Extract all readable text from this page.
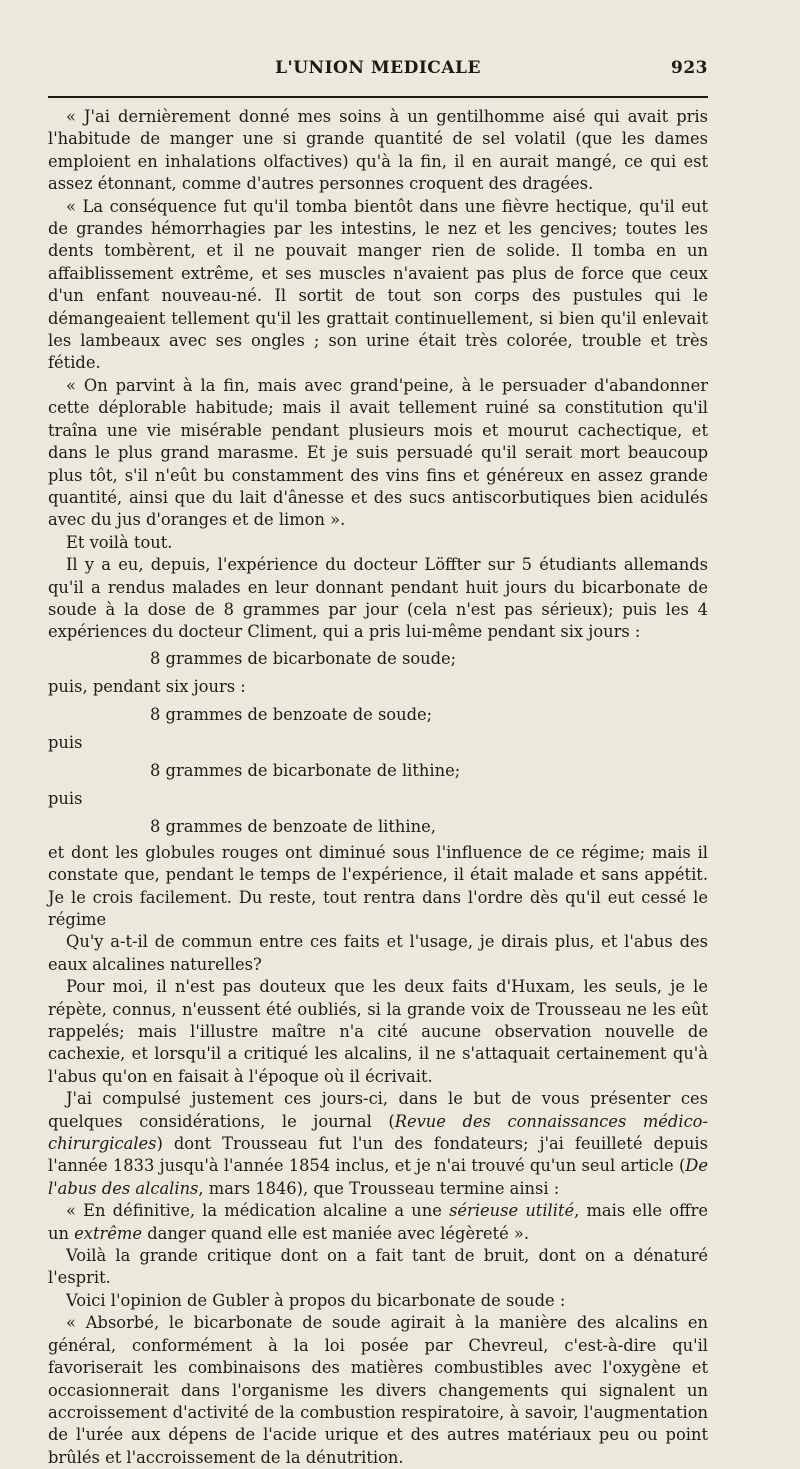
L'UNION MEDICALE	923

« J'ai dernièrement donné mes soins à un gentilhomme aisé qui avait pris l'habitude de manger une si grande quantité de sel volatil (que les dames emploient en inhalations olfactives) qu'à la fin, il en aurait mangé, ce qui est assez étonnant, comme d'autres personnes croquent des dragées.

« La conséquence fut qu'il tomba bientôt dans une fièvre hectique, qu'il eut de grandes hémorrhagies par les intestins, le nez et les gencives; toutes les dents tombèrent, et il ne pouvait manger rien de solide. Il tomba en un affaiblissement extrême, et ses muscles n'avaient pas plus de force que ceux d'un enfant nouveau-né. Il sortit de tout son corps des pustules qui le démangeaient tellement qu'il les grattait continuellement, si bien qu'il enlevait les lambeaux avec ses ongles ; son urine était très colorée, trouble et très fétide.

« On parvint à la fin, mais avec grand'peine, à le persuader d'abandonner cette déplorable habitude; mais il avait tellement ruiné sa constitution qu'il traîna une vie misérable pendant plusieurs mois et mourut cachectique, et dans le plus grand marasme. Et je suis persuadé qu'il serait mort beaucoup plus tôt, s'il n'eût bu constamment des vins fins et généreux en assez grande quantité, ainsi que du lait d'ânesse et des sucs antiscorbutiques bien acidulés avec du jus d'oranges et de limon ».

Et voilà tout.

Il y a eu, depuis, l'expérience du docteur Löffter sur 5 étudiants allemands qu'il a rendus malades en leur donnant pendant huit jours du bicarbonate de soude à la dose de 8 grammes par jour (cela n'est pas sérieux); puis les 4 expériences du docteur Climent, qui a pris lui-même pendant six jours :

8 grammes de bicarbonate de soude;
puis, pendant six jours :
8 grammes de benzoate de soude;
puis
8 grammes de bicarbonate de lithine;
puis
8 grammes de benzoate de lithine,

et dont les globules rouges ont diminué sous l'influence de ce régime; mais il constate que, pendant le temps de l'expérience, il était malade et sans appétit. Je le crois facilement. Du reste, tout rentra dans l'ordre dès qu'il eut cessé le régime

Qu'y a-t-il de commun entre ces faits et l'usage, je dirais plus, et l'abus des eaux alcalines naturelles?

Pour moi, il n'est pas douteux que les deux faits d'Huxam, les seuls, je le répète, connus, n'eussent été oubliés, si la grande voix de Trousseau ne les eût rappelés; mais l'illustre maître n'a cité aucune observation nouvelle de cachexie, et lorsqu'il a critiqué les alcalins, il ne s'attaquait certainement qu'à l'abus qu'on en faisait à l'époque où il écrivait.

J'ai compulsé justement ces jours-ci, dans le but de vous présenter ces quelques considérations, le journal (Revue des connaissances médico-chirurgicales) dont Trousseau fut l'un des fondateurs; j'ai feuilleté depuis l'année 1833 jusqu'à l'année 1854 inclus, et je n'ai trouvé qu'un seul article (De l'abus des alcalins, mars 1846), que Trousseau termine ainsi :

« En définitive, la médication alcaline a une sérieuse utilité, mais elle offre un extrême danger quand elle est maniée avec légèreté ».

Voilà la grande critique dont on a fait tant de bruit, dont on a dénaturé l'esprit.

Voici l'opinion de Gubler à propos du bicarbonate de soude :

« Absorbé, le bicarbonate de soude agirait à la manière des alcalins en général, conformément à la loi posée par Chevreul, c'est-à-dire qu'il favoriserait les combinaisons des matières combustibles avec l'oxygène et occasionnerait dans l'organisme les divers changements qui signalent un accroissement d'activité de la combustion respiratoire, à savoir, l'augmentation de l'urée aux dépens de l'acide urique et des autres matériaux peu ou point brûlés et l'accroissement de la dénutrition.
